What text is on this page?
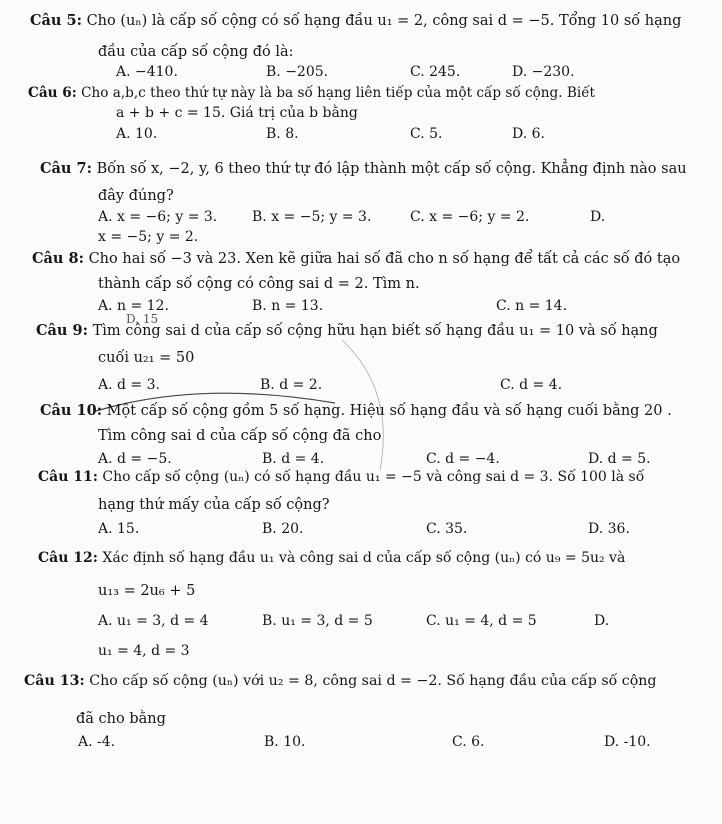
Câu 5: Cho (uₙ) là cấp số cộng có số hạng đầu u₁ = 2, công sai d = −5. Tổng 10 số hạng
đầu của cấp số cộng đó là:
A. −410.	B. −205.	C. 245.	D. −230.
Câu 6: Cho a,b,c theo thứ tự này là ba số hạng liên tiếp của một cấp số cộng. Biết
a + b + c = 15. Giá trị của b bằng
A. 10.	B. 8.	C. 5.	D. 6.
Câu 7: Bốn số x, −2, y, 6 theo thứ tự đó lập thành một cấp số cộng. Khẳng định nào sau
đây đúng?
A. x = −6; y = 3. B. x = −5; y = 3.	C. x = −6; y = 2.	D.
x = −5; y = 2.
Câu 8: Cho hai số −3 và 23. Xen kẽ giữa hai số đã cho n số hạng để tất cả các số đó tạo
thành cấp số cộng có công sai d = 2. Tìm n.
A. n = 12.	B. n = 13.	C. n = 14.
Câu 9: Tìm công sai d của cấp số cộng hữu hạn biết số hạng đầu u₁ = 10 và số hạng
D. 15
cuối u₂₁ = 50
A. d = 3.	B. d = 2.	C. d = 4.
Câu 10: Một cấp số cộng gồm 5 số hạng. Hiệu số hạng đầu và số hạng cuối bằng 20 .
Tìm công sai d của cấp số cộng đã cho
A. d = −5.	B. d = 4.	C. d = −4.	D. d = 5.
Câu 11: Cho cấp số cộng (uₙ) có số hạng đầu u₁ = −5 và công sai d = 3. Số 100 là số
hạng thứ mấy của cấp số cộng?
A. 15.	B. 20.	C. 35.	D. 36.
Câu 12: Xác định số hạng đầu u₁ và công sai d của cấp số cộng (uₙ) có u₉ = 5u₂ và
u₁₃ = 2u₆ + 5
A. u₁ = 3, d = 4	B. u₁ = 3, d = 5	C. u₁ = 4, d = 5	D.
u₁ = 4, d = 3
Câu 13: Cho cấp số cộng (uₙ) với u₂ = 8, công sai d = −2. Số hạng đầu của cấp số cộng
đã cho bằng
A. -4.	B. 10.	C. 6.	D. -10.
